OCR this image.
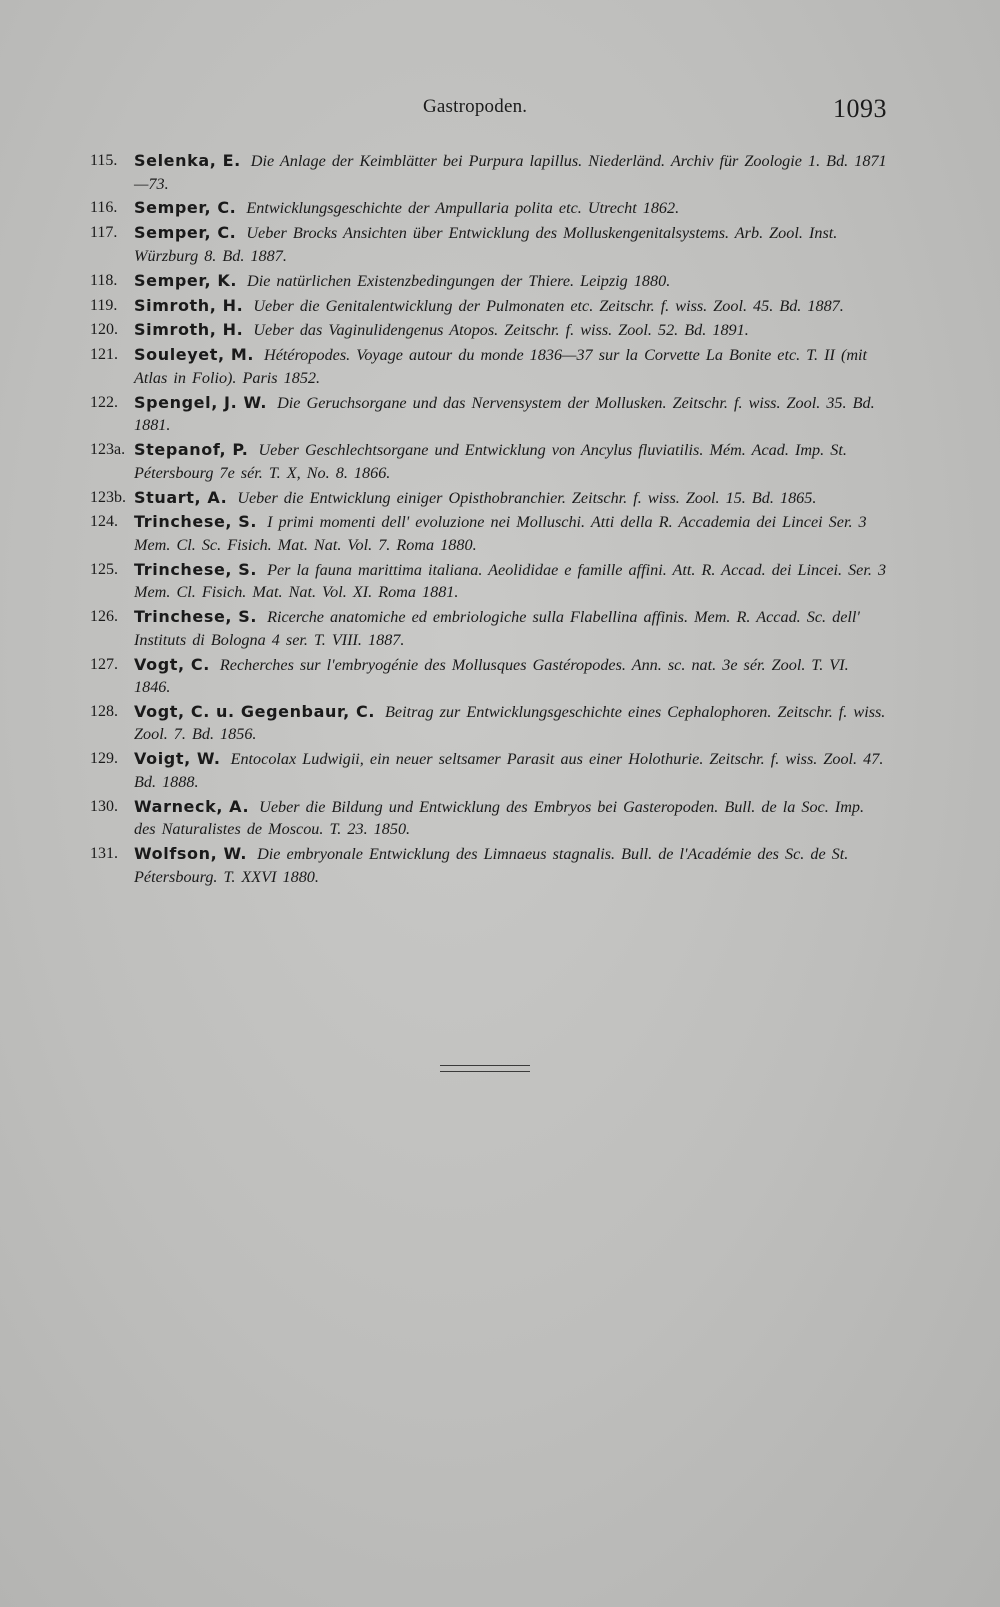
Gastropoden.	1093
115. Selenka, E. Die Anlage der Keimblätter bei Purpura lapillus. Niederländ. Archiv für Zoologie 1. Bd. 1871—73.
116. Semper, C. Entwicklungsgeschichte der Ampullaria polita etc. Utrecht 1862.
117. Semper, C. Ueber Brocks Ansichten über Entwicklung des Molluskengenitalsystems. Arb. Zool. Inst. Würzburg 8. Bd. 1887.
118. Semper, K. Die natürlichen Existenzbedingungen der Thiere. Leipzig 1880.
119. Simroth, H. Ueber die Genitalentwicklung der Pulmonaten etc. Zeitschr. f. wiss. Zool. 45. Bd. 1887.
120. Simroth, H. Ueber das Vaginulidengenus Atopos. Zeitschr. f. wiss. Zool. 52. Bd. 1891.
121. Souleyet, M. Hétéropodes. Voyage autour du monde 1836—37 sur la Corvette La Bonite etc. T. II (mit Atlas in Folio). Paris 1852.
122. Spengel, J. W. Die Geruchsorgane und das Nervensystem der Mollusken. Zeitschr. f. wiss. Zool. 35. Bd. 1881.
123a. Stepanof, P. Ueber Geschlechtsorgane und Entwicklung von Ancylus fluviatilis. Mém. Acad. Imp. St. Pétersbourg 7e sér. T. X, No. 8. 1866.
123b. Stuart, A. Ueber die Entwicklung einiger Opisthobranchier. Zeitschr. f. wiss. Zool. 15. Bd. 1865.
124. Trinchese, S. I primi momenti dell' evoluzione nei Molluschi. Atti della R. Accademia dei Lincei Ser. 3 Mem. Cl. Sc. Fisich. Mat. Nat. Vol. 7. Roma 1880.
125. Trinchese, S. Per la fauna marittima italiana. Aeolididae e famille affini. Att. R. Accad. dei Lincei. Ser. 3 Mem. Cl. Fisich. Mat. Nat. Vol. XI. Roma 1881.
126. Trinchese, S. Ricerche anatomiche ed embriologiche sulla Flabellina affinis. Mem. R. Accad. Sc. dell' Instituts di Bologna 4 ser. T. VIII. 1887.
127. Vogt, C. Recherches sur l'embryogénie des Mollusques Gastéropodes. Ann. sc. nat. 3e sér. Zool. T. VI. 1846.
128. Vogt, C. u. Gegenbaur, C. Beitrag zur Entwicklungsgeschichte eines Cephalophoren. Zeitschr. f. wiss. Zool. 7. Bd. 1856.
129. Voigt, W. Entocolax Ludwigii, ein neuer seltsamer Parasit aus einer Holothurie. Zeitschr. f. wiss. Zool. 47. Bd. 1888.
130. Warneck, A. Ueber die Bildung und Entwicklung des Embryos bei Gasteropoden. Bull. de la Soc. Imp. des Naturalistes de Moscou. T. 23. 1850.
131. Wolfson, W. Die embryonale Entwicklung des Limnaeus stagnalis. Bull. de l'Académie des Sc. de St. Pétersbourg. T. XXVI 1880.
